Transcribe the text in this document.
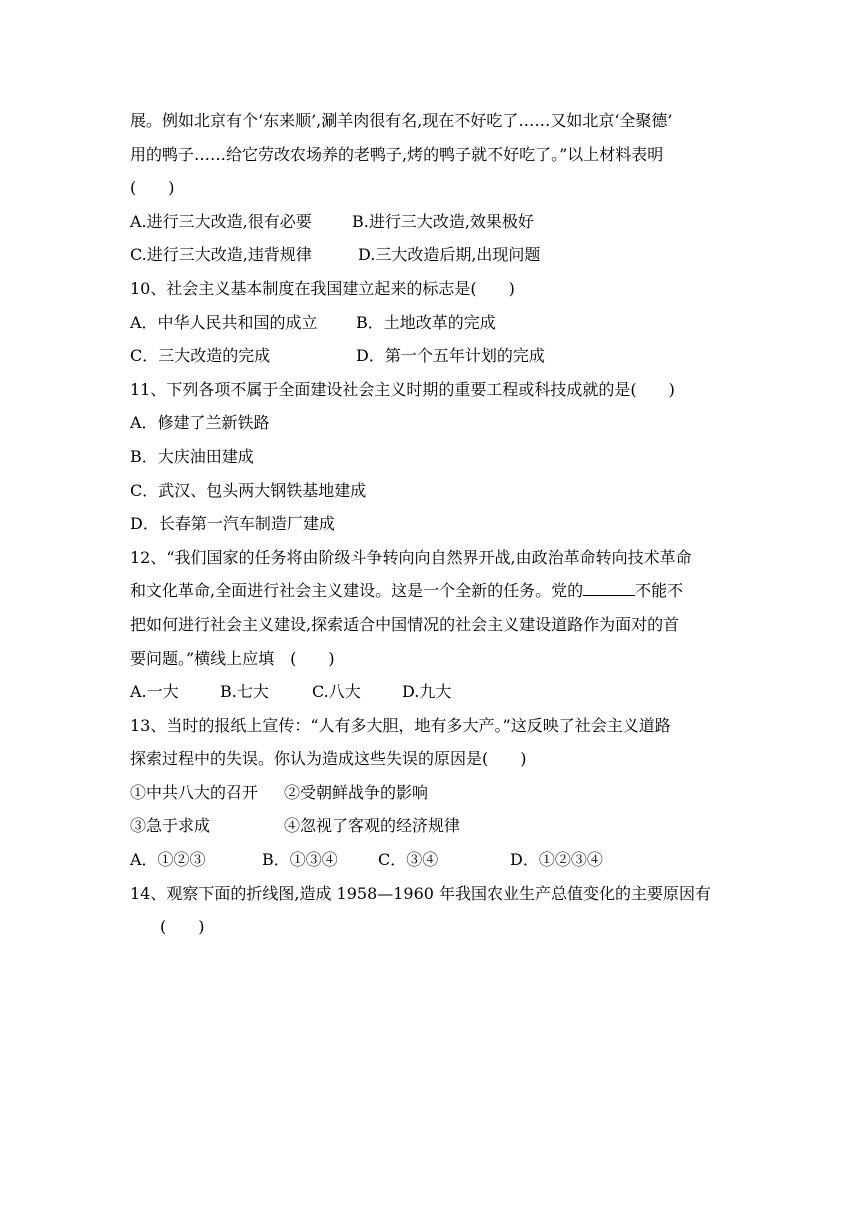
展。例如北京有个‘东来顺’,涮羊肉很有名,现在不好吃了……又如北京‘全聚德’
用的鸭子……给它劳改农场养的老鸭子,烤的鸭子就不好吃了。”以上材料表明
(　　)
A.进行三大改造,很有必要	B.进行三大改造,效果极好
C.进行三大改造,违背规律	D.三大改造后期,出现问题
10、社会主义基本制度在我国建立起来的标志是(　　)
A．中华人民共和国的成立	B．土地改革的完成
C．三大改造的完成	D．第一个五年计划的完成
11、下列各项不属于全面建设社会主义时期的重要工程或科技成就的是(　　)
A．修建了兰新铁路
B．大庆油田建成
C．武汉、包头两大钢铁基地建成
D．长春第一汽车制造厂建成
12、“我们国家的任务将由阶级斗争转向向自然界开战,由政治革命转向技术革命
和文化革命,全面进行社会主义建设。这是一个全新的任务。党的	不能不
把如何进行社会主义建设,探索适合中国情况的社会主义建设道路作为面对的首
要问题。”横线上应填　(　　)
A.一大	B.七大	C.八大	D.九大
13、当时的报纸上宣传：“人有多大胆，地有多大产。”这反映了社会主义道路
探索过程中的失误。你认为造成这些失误的原因是(　　)
①中共八大的召开	②受朝鲜战争的影响
③急于求成	④忽视了客观的经济规律
A．①②③	B．①③④	C．③④	D．①②③④
14、观察下面的折线图,造成 1958—1960 年我国农业生产总值变化的主要原因有
(　　)
